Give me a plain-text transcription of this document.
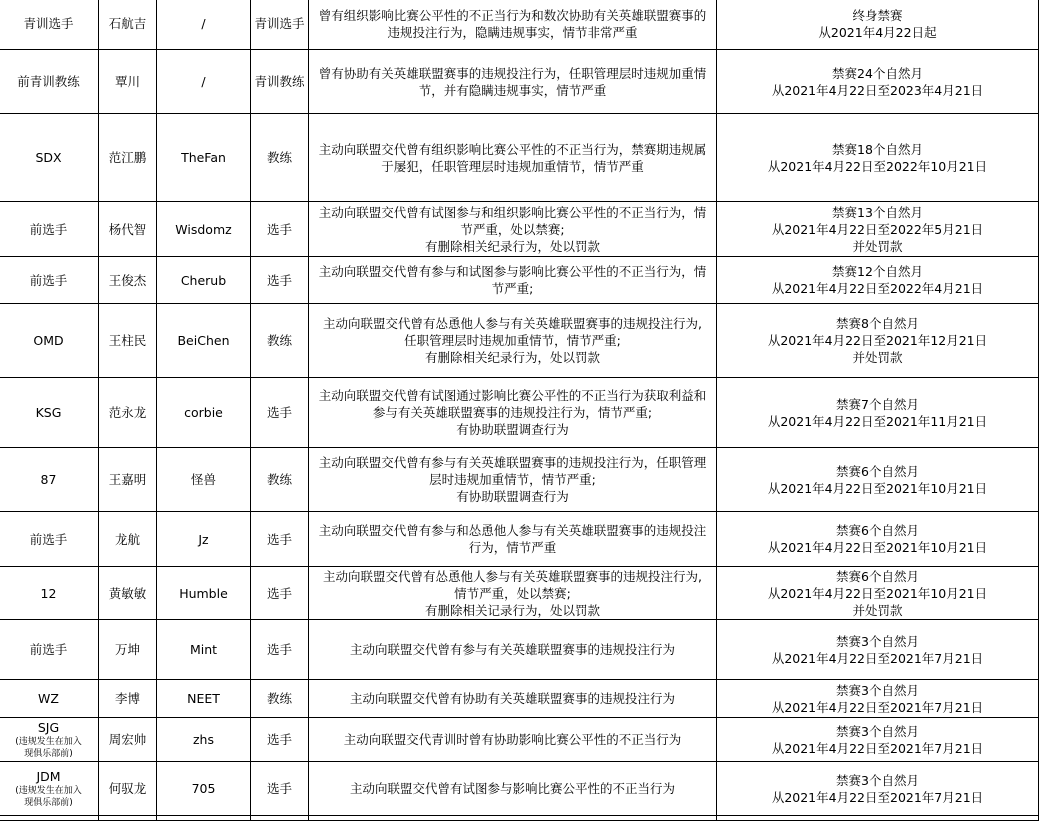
青训选手	石航吉	/	青训选手	曾有组织影响比赛公平性的不正当行为和数次协助有关英雄联盟赛事的
违规投注行为，隐瞒违规事实，情节非常严重	终身禁赛
从2021年4月22日起

前青训教练	覃川	/	青训教练	曾有协助有关英雄联盟赛事的违规投注行为，任职管理层时违规加重情
节，并有隐瞒违规事实，情节严重	禁赛24个自然月
从2021年4月22日至2023年4月21日

SDX	范江鹏	TheFan	教练	主动向联盟交代曾有组织影响比赛公平性的不正当行为，禁赛期违规属
于屡犯，任职管理层时违规加重情节，情节严重	禁赛18个自然月
从2021年4月22日至2022年10月21日

前选手	杨代智	Wisdomz	选手	主动向联盟交代曾有试图参与和组织影响比赛公平性的不正当行为，情
节严重，处以禁赛;
有删除相关纪录行为，处以罚款	禁赛13个自然月
从2021年4月22日至2022年5月21日
并处罚款

前选手	王俊杰	Cherub	选手	主动向联盟交代曾有参与和试图参与影响比赛公平性的不正当行为，情
节严重;	禁赛12个自然月
从2021年4月22日至2022年4月21日

OMD	王柱民	BeiChen	教练	主动向联盟交代曾有怂恿他人参与有关英雄联盟赛事的违规投注行为,
任职管理层时违规加重情节，情节严重;
有删除相关纪录行为，处以罚款	禁赛8个自然月
从2021年4月22日至2021年12月21日
并处罚款

KSG	范永龙	corbie	选手	主动向联盟交代曾有试图通过影响比赛公平性的不正当行为获取利益和
参与有关英雄联盟赛事的违规投注行为，情节严重;
有协助联盟调查行为	禁赛7个自然月
从2021年4月22日至2021年11月21日

87	王嘉明	怪兽	教练	主动向联盟交代曾有参与有关英雄联盟赛事的违规投注行为，任职管理
层时违规加重情节，情节严重;
有协助联盟调查行为	禁赛6个自然月
从2021年4月22日至2021年10月21日

前选手	龙航	Jz	选手	主动向联盟交代曾有参与和怂恿他人参与有关英雄联盟赛事的违规投注
行为，情节严重	禁赛6个自然月
从2021年4月22日至2021年10月21日

12	黄敏敏	Humble	选手	主动向联盟交代曾有怂恿他人参与有关英雄联盟赛事的违规投注行为,
情节严重，处以禁赛;
有删除相关记录行为，处以罚款	禁赛6个自然月
从2021年4月22日至2021年10月21日
并处罚款

前选手	万坤	Mint	选手	主动向联盟交代曾有参与有关英雄联盟赛事的违规投注行为	禁赛3个自然月
从2021年4月22日至2021年7月21日

WZ	李博	NEET	教练	主动向联盟交代曾有协助有关英雄联盟赛事的违规投注行为	禁赛3个自然月
从2021年4月22日至2021年7月21日

SJG
(违规发生在加入
现俱乐部前)	周宏帅	zhs	选手	主动向联盟交代青训时曾有协助影响比赛公平性的不正当行为	禁赛3个自然月
从2021年4月22日至2021年7月21日

JDM
(违规发生在加入
现俱乐部前)	何驭龙	705	选手	主动向联盟交代曾有试图参与影响比赛公平性的不正当行为	禁赛3个自然月
从2021年4月22日至2021年7月21日
